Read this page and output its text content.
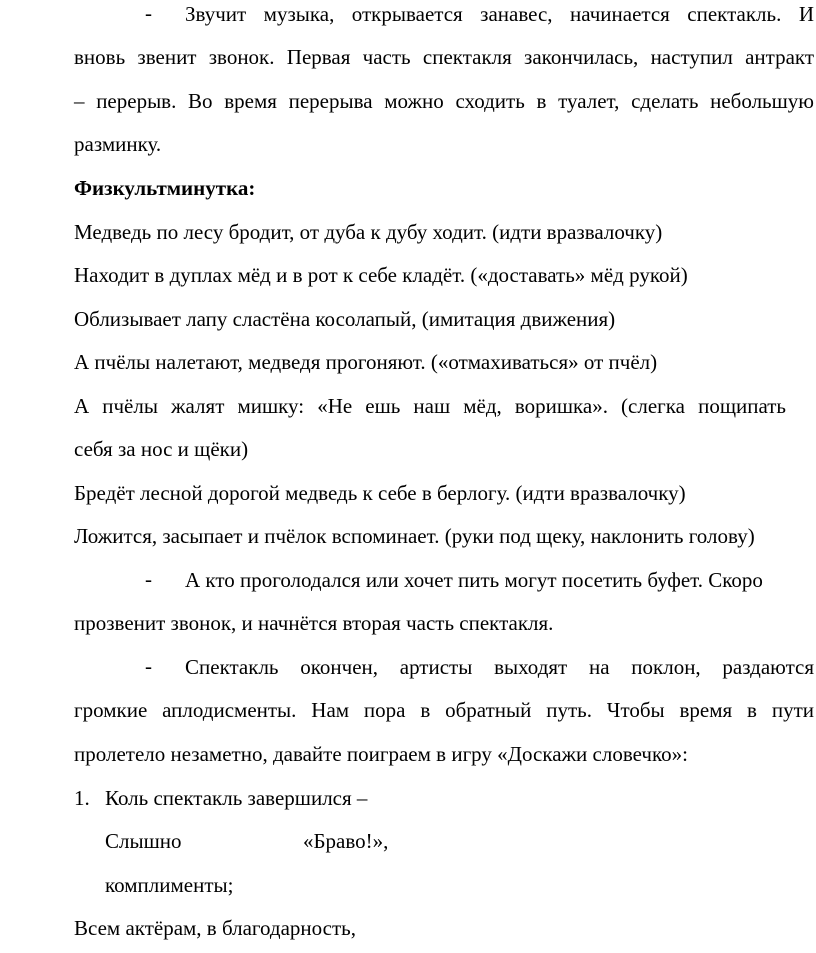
-	Звучит музыка, открывается занавес, начинается спектакль. И
вновь звенит звонок. Первая часть спектакля закончилась, наступил антракт
– перерыв. Во время перерыва можно сходить в туалет, сделать небольшую
разминку.
Физкультминутка:
Медведь по лесу бродит, от дуба к дубу ходит. (идти вразвалочку)
Находит в дуплах мёд и в рот к себе кладёт. («доставать» мёд рукой)
Облизывает лапу сластёна косолапый, (имитация движения)
А пчёлы налетают, медведя прогоняют. («отмахиваться» от пчёл)
А пчёлы жалят мишку: «Не ешь наш мёд, воришка». (слегка пощипать
себя за нос и щёки)
Бредёт лесной дорогой медведь к себе в берлогу. (идти вразвалочку)
Ложится, засыпает и пчёлок вспоминает. (руки под щеку, наклонить голову)
-	А кто проголодался или хочет пить могут посетить буфет. Скоро
прозвенит звонок, и начнётся вторая часть спектакля.
-	Спектакль окончен, артисты выходят на поклон, раздаются
громкие аплодисменты. Нам пора в обратный путь. Чтобы время в пути
пролетело незаметно, давайте поиграем в игру «Доскажи словечко»:
1. Коль спектакль завершился –
Слышно	«Браво!»,
комплименты;
Всем актёрам, в благодарность,
